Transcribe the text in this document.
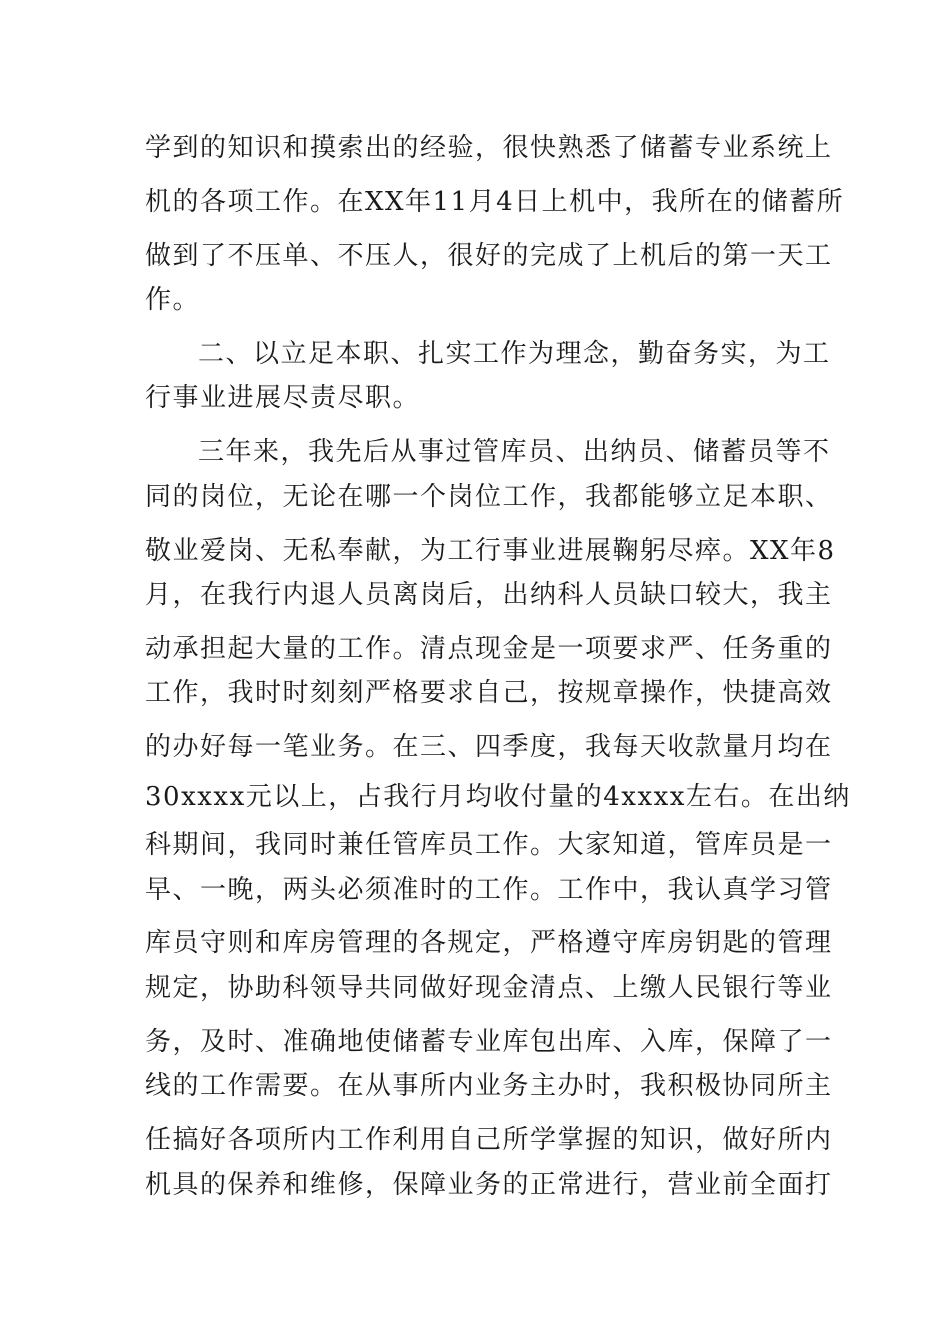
学到的知识和摸索出的经验，很快熟悉了储蓄专业系统上
机的各项工作。在XX年11月4日上机中，我所在的储蓄所
做到了不压单、不压人，很好的完成了上机后的第一天工
作。
二、以立足本职、扎实工作为理念，勤奋务实，为工
行事业进展尽责尽职。
三年来，我先后从事过管库员、出纳员、储蓄员等不
同的岗位，无论在哪一个岗位工作，我都能够立足本职、
敬业爱岗、无私奉献，为工行事业进展鞠躬尽瘁。XX年8
月，在我行内退人员离岗后，出纳科人员缺口较大，我主
动承担起大量的工作。清点现金是一项要求严、任务重的
工作，我时时刻刻严格要求自己，按规章操作，快捷高效
的办好每一笔业务。在三、四季度，我每天收款量月均在
30xxxx元以上，占我行月均收付量的4xxxx左右。在出纳
科期间，我同时兼任管库员工作。大家知道，管库员是一
早、一晚，两头必须准时的工作。工作中，我认真学习管
库员守则和库房管理的各规定，严格遵守库房钥匙的管理
规定，协助科领导共同做好现金清点、上缴人民银行等业
务，及时、准确地使储蓄专业库包出库、入库，保障了一
线的工作需要。在从事所内业务主办时，我积极协同所主
任搞好各项所内工作利用自己所学掌握的知识，做好所内
机具的保养和维修，保障业务的正常进行，营业前全面打
